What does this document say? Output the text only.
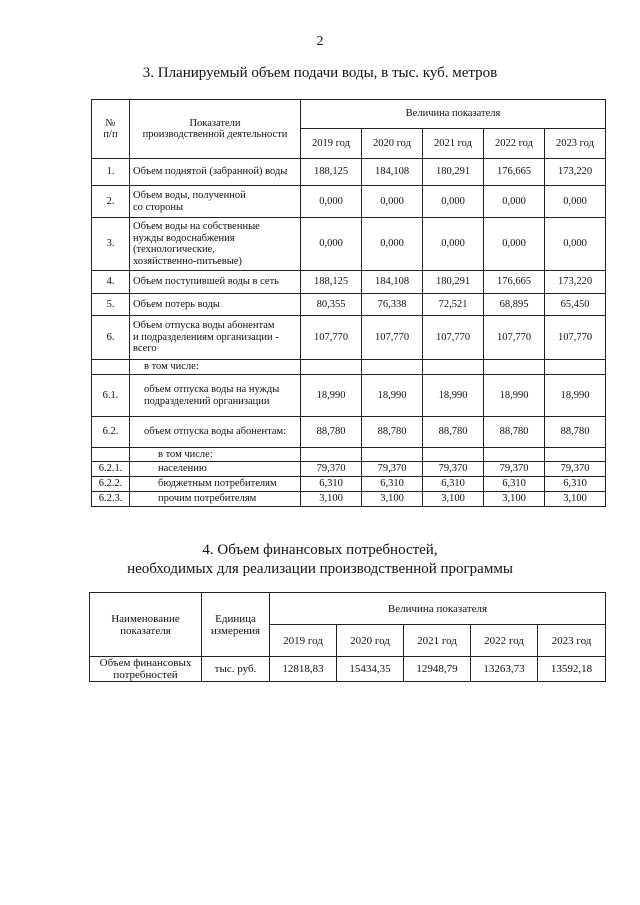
2
3. Планируемый объем подачи воды, в тыс. куб. метров
№
п/п	Показатели
производственной деятельности	Величина показателя				
		2019 год	2020 год	2021 год	2022 год	2023 год
1.	Объем поднятой (забранной) воды	188,125	184,108	180,291	176,665	173,220
2.	Объем воды, полученной
со стороны	0,000	0,000	0,000	0,000	0,000
3.	Объем воды на собственные
нужды водоснабжения
(технологические,
хозяйственно-питьевые)	0,000	0,000	0,000	0,000	0,000
4.	Объем поступившей воды в сеть	188,125	184,108	180,291	176,665	173,220
5.	Объем потерь воды	80,355	76,338	72,521	68,895	65,450
6.	Объем отпуска воды абонентам
и подразделениям организации -
всего	107,770	107,770	107,770	107,770	107,770
	в том числе:					
6.1.	объем отпуска воды на нужды
подразделений организации	18,990	18,990	18,990	18,990	18,990
6.2.	объем отпуска воды абонентам:	88,780	88,780	88,780	88,780	88,780
	в том числе:					
6.2.1.	населению	79,370	79,370	79,370	79,370	79,370
6.2.2.	бюджетным потребителям	6,310	6,310	6,310	6,310	6,310
6.2.3.	прочим потребителям	3,100	3,100	3,100	3,100	3,100
4. Объем финансовых потребностей,
необходимых для реализации производственной программы
Наименование
показателя	Единица
измерения	Величина показателя				
		2019 год	2020 год	2021 год	2022 год	2023 год
Объем финансовых
потребностей	тыс. руб.	12818,83	15434,35	12948,79	13263,73	13592,18
